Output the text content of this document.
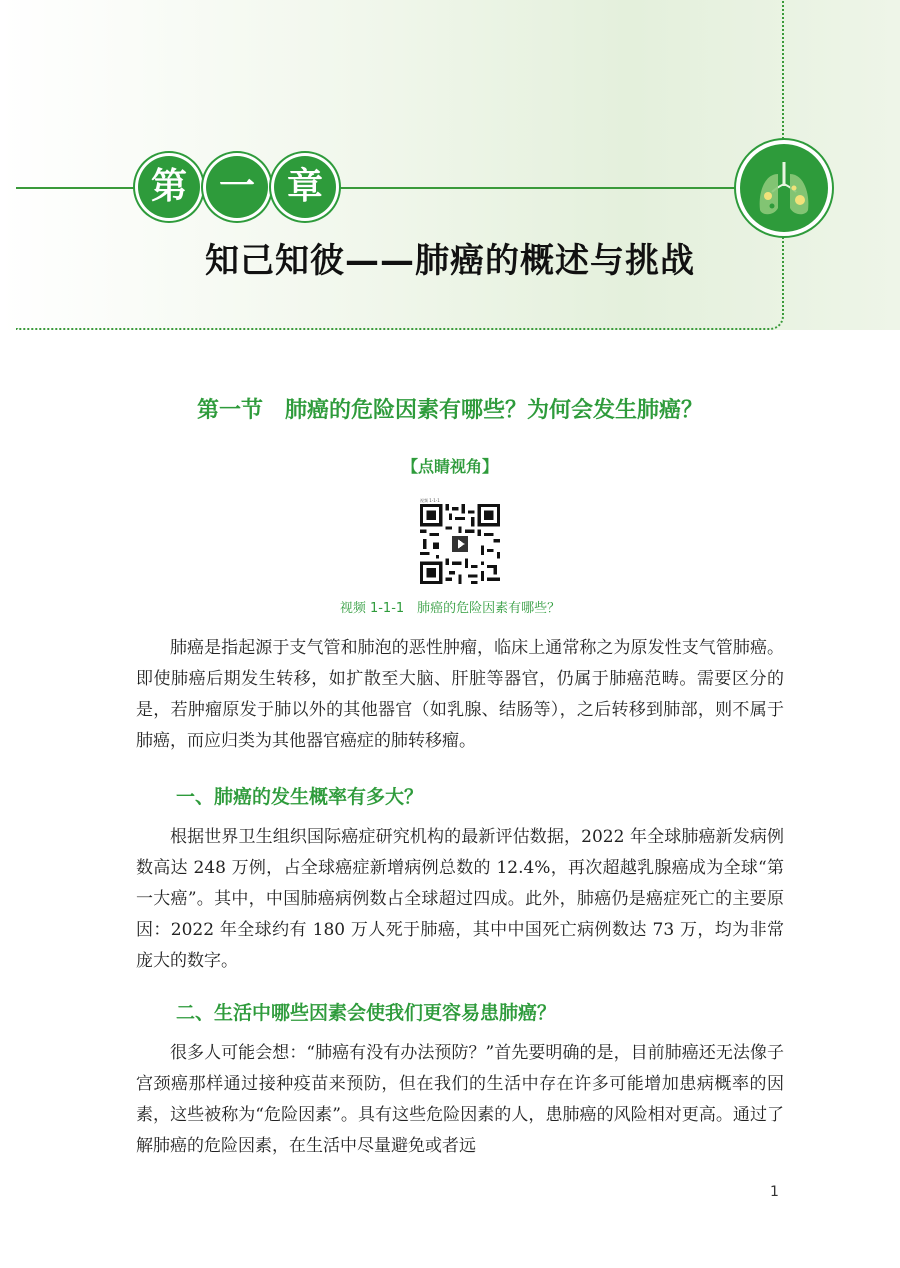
第 一 章
知己知彼——肺癌的概述与挑战
第一节　肺癌的危险因素有哪些？为何会发生肺癌？
【点睛视角】
视频 1-1-1
视频 1-1-1　肺癌的危险因素有哪些？
肺癌是指起源于支气管和肺泡的恶性肿瘤，临床上通常称之为原发性支气管肺癌。即使肺癌后期发生转移，如扩散至大脑、肝脏等器官，仍属于肺癌范畴。需要区分的是，若肿瘤原发于肺以外的其他器官（如乳腺、结肠等），之后转移到肺部，则不属于肺癌，而应归类为其他器官癌症的肺转移瘤。
一、肺癌的发生概率有多大？
根据世界卫生组织国际癌症研究机构的最新评估数据，2022 年全球肺癌新发病例数高达 248 万例，占全球癌症新增病例总数的 12.4%，再次超越乳腺癌成为全球“第一大癌”。其中，中国肺癌病例数占全球超过四成。此外，肺癌仍是癌症死亡的主要原因：2022 年全球约有 180 万人死于肺癌，其中中国死亡病例数达 73 万，均为非常庞大的数字。
二、生活中哪些因素会使我们更容易患肺癌？
很多人可能会想：“肺癌有没有办法预防？”首先要明确的是，目前肺癌还无法像子宫颈癌那样通过接种疫苗来预防，但在我们的生活中存在许多可能增加患病概率的因素，这些被称为“危险因素”。具有这些危险因素的人，患肺癌的风险相对更高。通过了解肺癌的危险因素，在生活中尽量避免或者远
1
